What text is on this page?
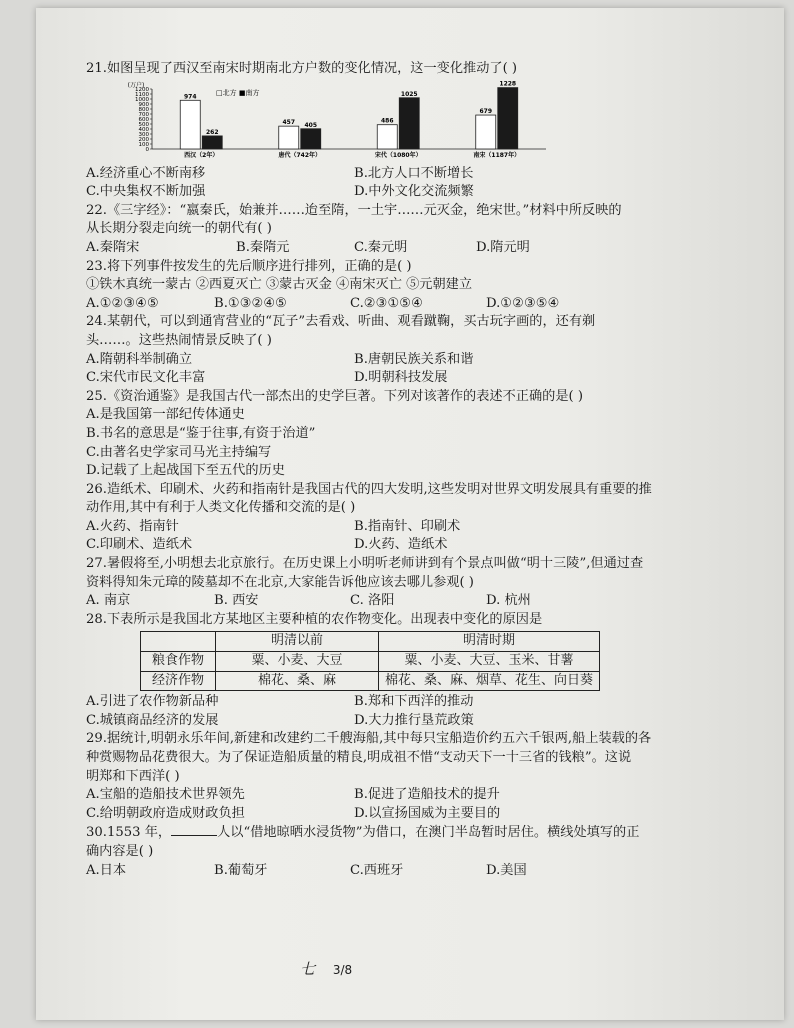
21.如图呈现了西汉至南宋时期南北方户数的变化情况，这一变化推动了( )

(万户)
1200
1100
1000
900
800
700
600
500
400
300
200
100
0
□北方 ■南方
974
262
西汉（2年）
457 405
唐代（742年）
486
1025
宋代（1080年）
679
1228
南宋（1187年）
A.经济重心不断南移	B.北方人口不断增长
C.中央集权不断加强	D.中外文化交流频繁

22.《三字经》：“嬴秦氏，始兼并……迨至隋，一土宇……元灭金，绝宋世。”材料中所反映的

从长期分裂走向统一的朝代有( )

A.秦隋宋	B.秦隋元	C.秦元明	D.隋元明

23.将下列事件按发生的先后顺序进行排列，正确的是( )

①铁木真统一蒙古 ②西夏灭亡 ③蒙古灭金 ④南宋灭亡 ⑤元朝建立

A.①②③④⑤	B.①③②④⑤	C.②③①⑤④	D.①②③⑤④

24.某朝代，可以到通宵营业的“瓦子”去看戏、听曲、观看蹴鞠，买古玩字画的，还有剃

头……。这些热闹情景反映了( )

A.隋朝科举制确立	B.唐朝民族关系和谐
C.宋代市民文化丰富	D.明朝科技发展

25.《资治通鉴》是我国古代一部杰出的史学巨著。下列对该著作的表述不正确的是( )

A.是我国第一部纪传体通史

B.书名的意思是“鉴于往事,有资于治道”

C.由著名史学家司马光主持编写

D.记载了上起战国下至五代的历史

26.造纸术、印刷术、火药和指南针是我国古代的四大发明,这些发明对世界文明发展具有重要的推

动作用,其中有利于人类文化传播和交流的是( )

A.火药、指南针	B.指南针、印刷术
C.印刷术、造纸术	D.火药、造纸术

27.暑假将至,小明想去北京旅行。在历史课上小明听老师讲到有个景点叫做“明十三陵”,但通过查

资料得知朱元璋的陵墓却不在北京,大家能告诉他应该去哪儿参观( )

A. 南京	B. 西安	C. 洛阳	D. 杭州

28.下表所示是我国北方某地区主要种植的农作物变化。出现表中变化的原因是

	明清以前	明清时期
粮食作物	粟、小麦、大豆	粟、小麦、大豆、玉米、甘薯
经济作物	棉花、桑、麻	棉花、桑、麻、烟草、花生、向日葵
A.引进了农作物新品种	B.郑和下西洋的推动
C.城镇商品经济的发展	D.大力推行垦荒政策

29.据统计,明朝永乐年间,新建和改建约二千艘海船,其中每只宝船造价约五六千银两,船上装载的各

种赏赐物品花费很大。为了保证造船质量的精良,明成祖不惜“支动天下一十三省的钱粮”。这说

明郑和下西洋( )

A.宝船的造船技术世界领先	B.促进了造船技术的提升
C.给明朝政府造成财政负担	D.以宣扬国威为主要目的

30.1553 年，	人以“借地晾晒水浸货物”为借口，在澳门半岛暂时居住。横线处填写的正

确内容是( )

A.日本	B.葡萄牙	C.西班牙	D.美国
七 3/8
